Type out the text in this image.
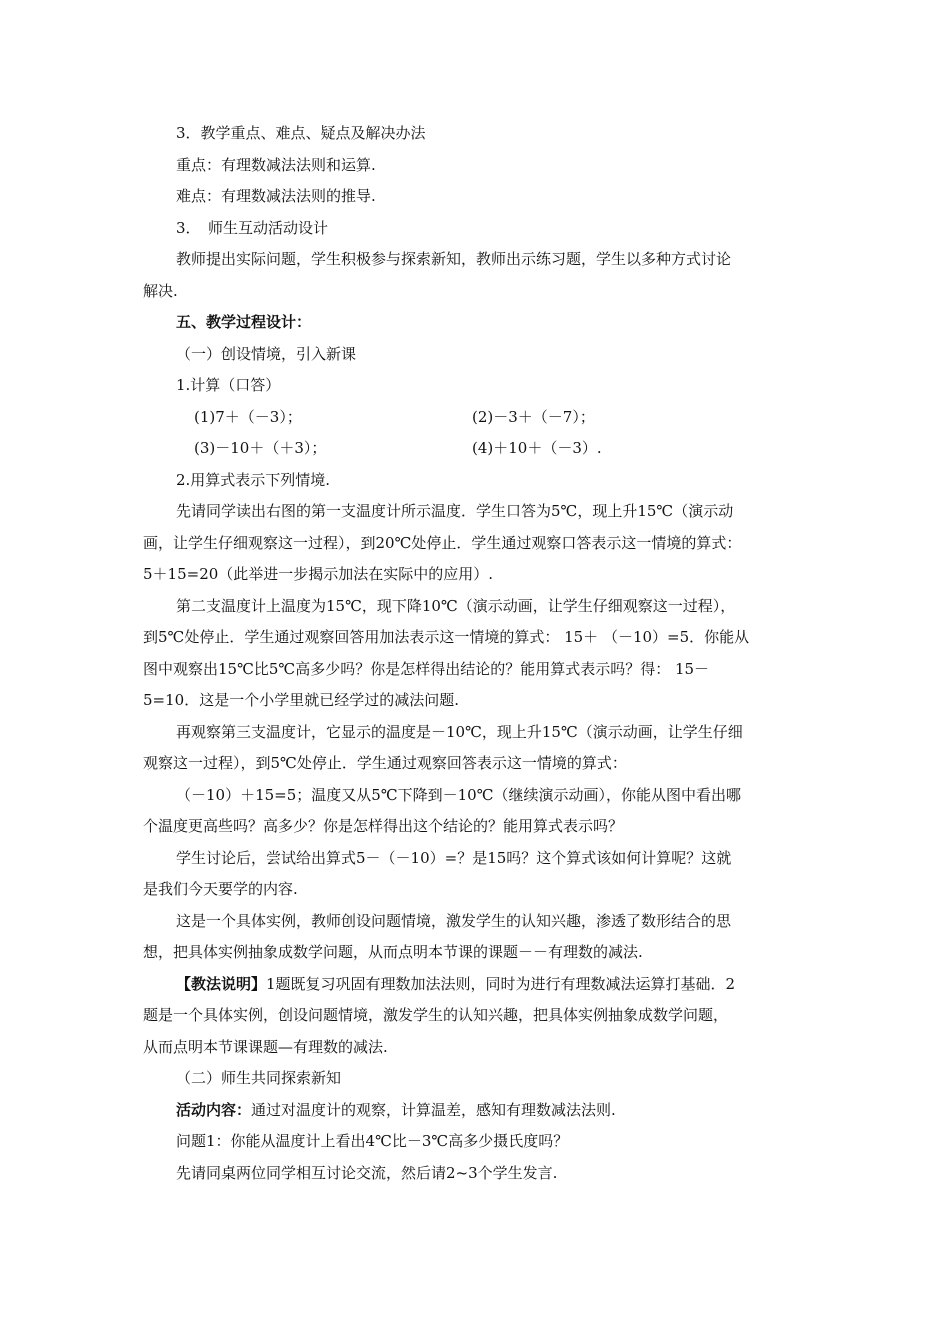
3．教学重点、难点、疑点及解决办法

重点：有理数减法法则和运算.

难点：有理数减法法则的推导.

3．　师生互动活动设计

教师提出实际问题，学生积极参与探索新知，教师出示练习题，学生以多种方式讨论

解决.

五、教学过程设计：

（一）创设情境，引入新课

1.计算（口答）

(1)7＋（－3）；	(2)－3＋（－7）；
(3)－10＋（＋3）；	(4)＋10＋（－3）.

2.用算式表示下列情境.

先请同学读出右图的第一支温度计所示温度．学生口答为5℃，现上升15℃（演示动

画，让学生仔细观察这一过程），到20℃处停止．学生通过观察口答表示这一情境的算式：

5＋15=20（此举进一步揭示加法在实际中的应用）.

第二支温度计上温度为15℃，现下降10℃（演示动画，让学生仔细观察这一过程），

到5℃处停止．学生通过观察回答用加法表示这一情境的算式： 15＋ （－10）=5．你能从

图中观察出15℃比5℃高多少吗？你是怎样得出结论的？能用算式表示吗？得： 15－

5=10．这是一个小学里就已经学过的减法问题.

再观察第三支温度计，它显示的温度是－10℃，现上升15℃（演示动画，让学生仔细

观察这一过程），到5℃处停止．学生通过观察回答表示这一情境的算式：

（－10）＋15=5；温度又从5℃下降到－10℃（继续演示动画），你能从图中看出哪

个温度更高些吗？高多少？你是怎样得出这个结论的？能用算式表示吗？

学生讨论后，尝试给出算式5－（－10）=？是15吗？这个算式该如何计算呢？这就

是我们今天要学的内容.

这是一个具体实例，教师创设问题情境，激发学生的认知兴趣，渗透了数形结合的思

想，把具体实例抽象成数学问题，从而点明本节课的课题－－有理数的减法.

【教法说明】1题既复习巩固有理数加法法则，同时为进行有理数减法运算打基础．2

题是一个具体实例，创设问题情境，激发学生的认知兴趣，把具体实例抽象成数学问题，

从而点明本节课课题—有理数的减法.

（二）师生共同探索新知

活动内容：通过对温度计的观察，计算温差，感知有理数减法法则.

问题1：你能从温度计上看出4℃比－3℃高多少摄氏度吗？

先请同桌两位同学相互讨论交流，然后请2~3个学生发言.
